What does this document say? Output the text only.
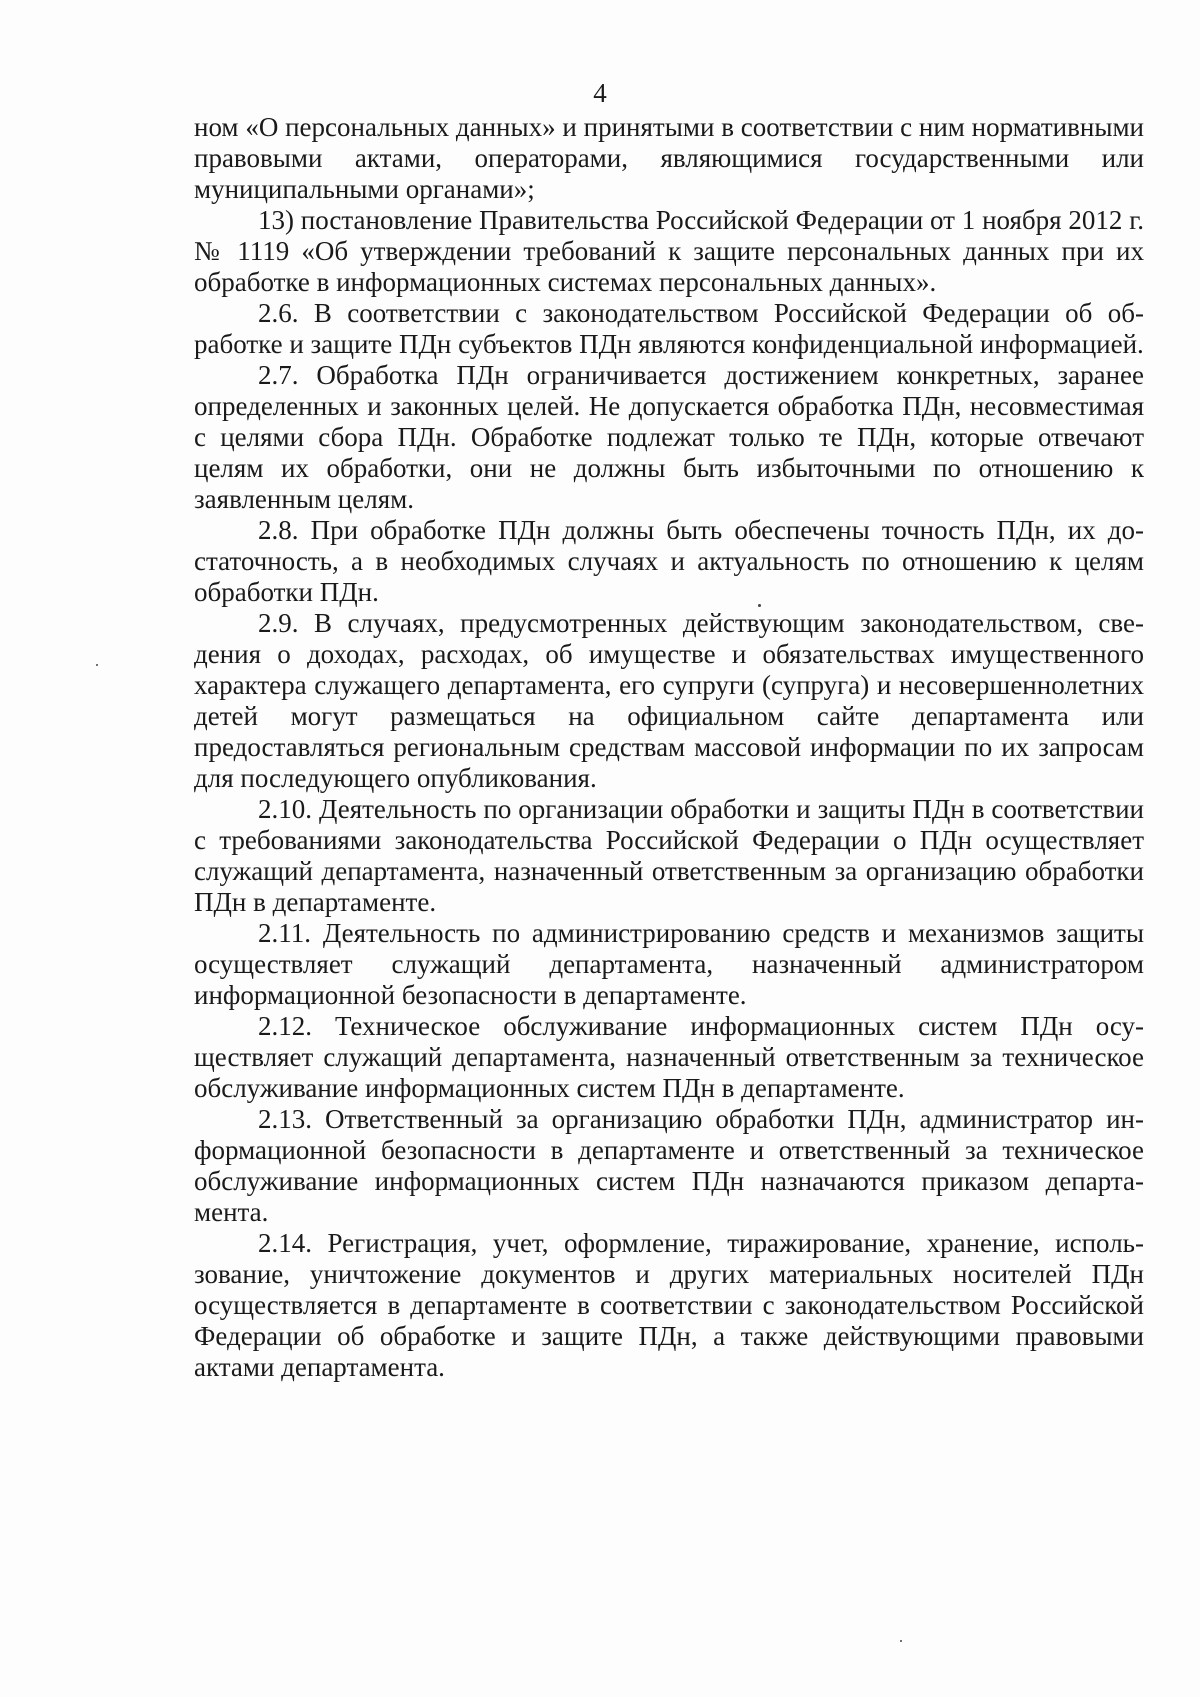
4

ном «О персональных данных» и принятыми в соответствии с ним нормативными правовыми актами, операторами, являющимися государственными или муниципальными органами»;

13) постановление Правительства Российской Федерации от 1 ноября 2012 г. № 1119 «Об утверждении требований к защите персональных данных при их обработке в информационных системах персональных данных».

2.6. В соответствии с законодательством Российской Федерации об обработке и защите ПДн субъектов ПДн являются конфиденциальной информацией.

2.7. Обработка ПДн ограничивается достижением конкретных, заранее определенных и законных целей. Не допускается обработка ПДн, несовместимая с целями сбора ПДн. Обработке подлежат только те ПДн, которые отвечают целям их обработки, они не должны быть избыточными по отношению к заявленным целям.

2.8. При обработке ПДн должны быть обеспечены точность ПДн, их достаточность, а в необходимых случаях и актуальность по отношению к целям обработки ПДн.

2.9. В случаях, предусмотренных действующим законодательством, сведения о доходах, расходах, об имуществе и обязательствах имущественного характера служащего департамента, его супруги (супруга) и несовершеннолетних детей могут размещаться на официальном сайте департамента или предоставляться региональным средствам массовой информации по их запросам для последующего опубликования.

2.10. Деятельность по организации обработки и защиты ПДн в соответствии с требованиями законодательства Российской Федерации о ПДн осуществляет служащий департамента, назначенный ответственным за организацию обработки ПДн в департаменте.

2.11. Деятельность по администрированию средств и механизмов защиты осуществляет служащий департамента, назначенный администратором информационной безопасности в департаменте.

2.12. Техническое обслуживание информационных систем ПДн осуществляет служащий департамента, назначенный ответственным за техническое обслуживание информационных систем ПДн в департаменте.

2.13. Ответственный за организацию обработки ПДн, администратор информационной безопасности в департаменте и ответственный за техническое обслуживание информационных систем ПДн назначаются приказом департамента.

2.14. Регистрация, учет, оформление, тиражирование, хранение, использование, уничтожение документов и других материальных носителей ПДн осуществляется в департаменте в соответствии с законодательством Российской Федерации об обработке и защите ПДн, а также действующими правовыми актами департамента.
